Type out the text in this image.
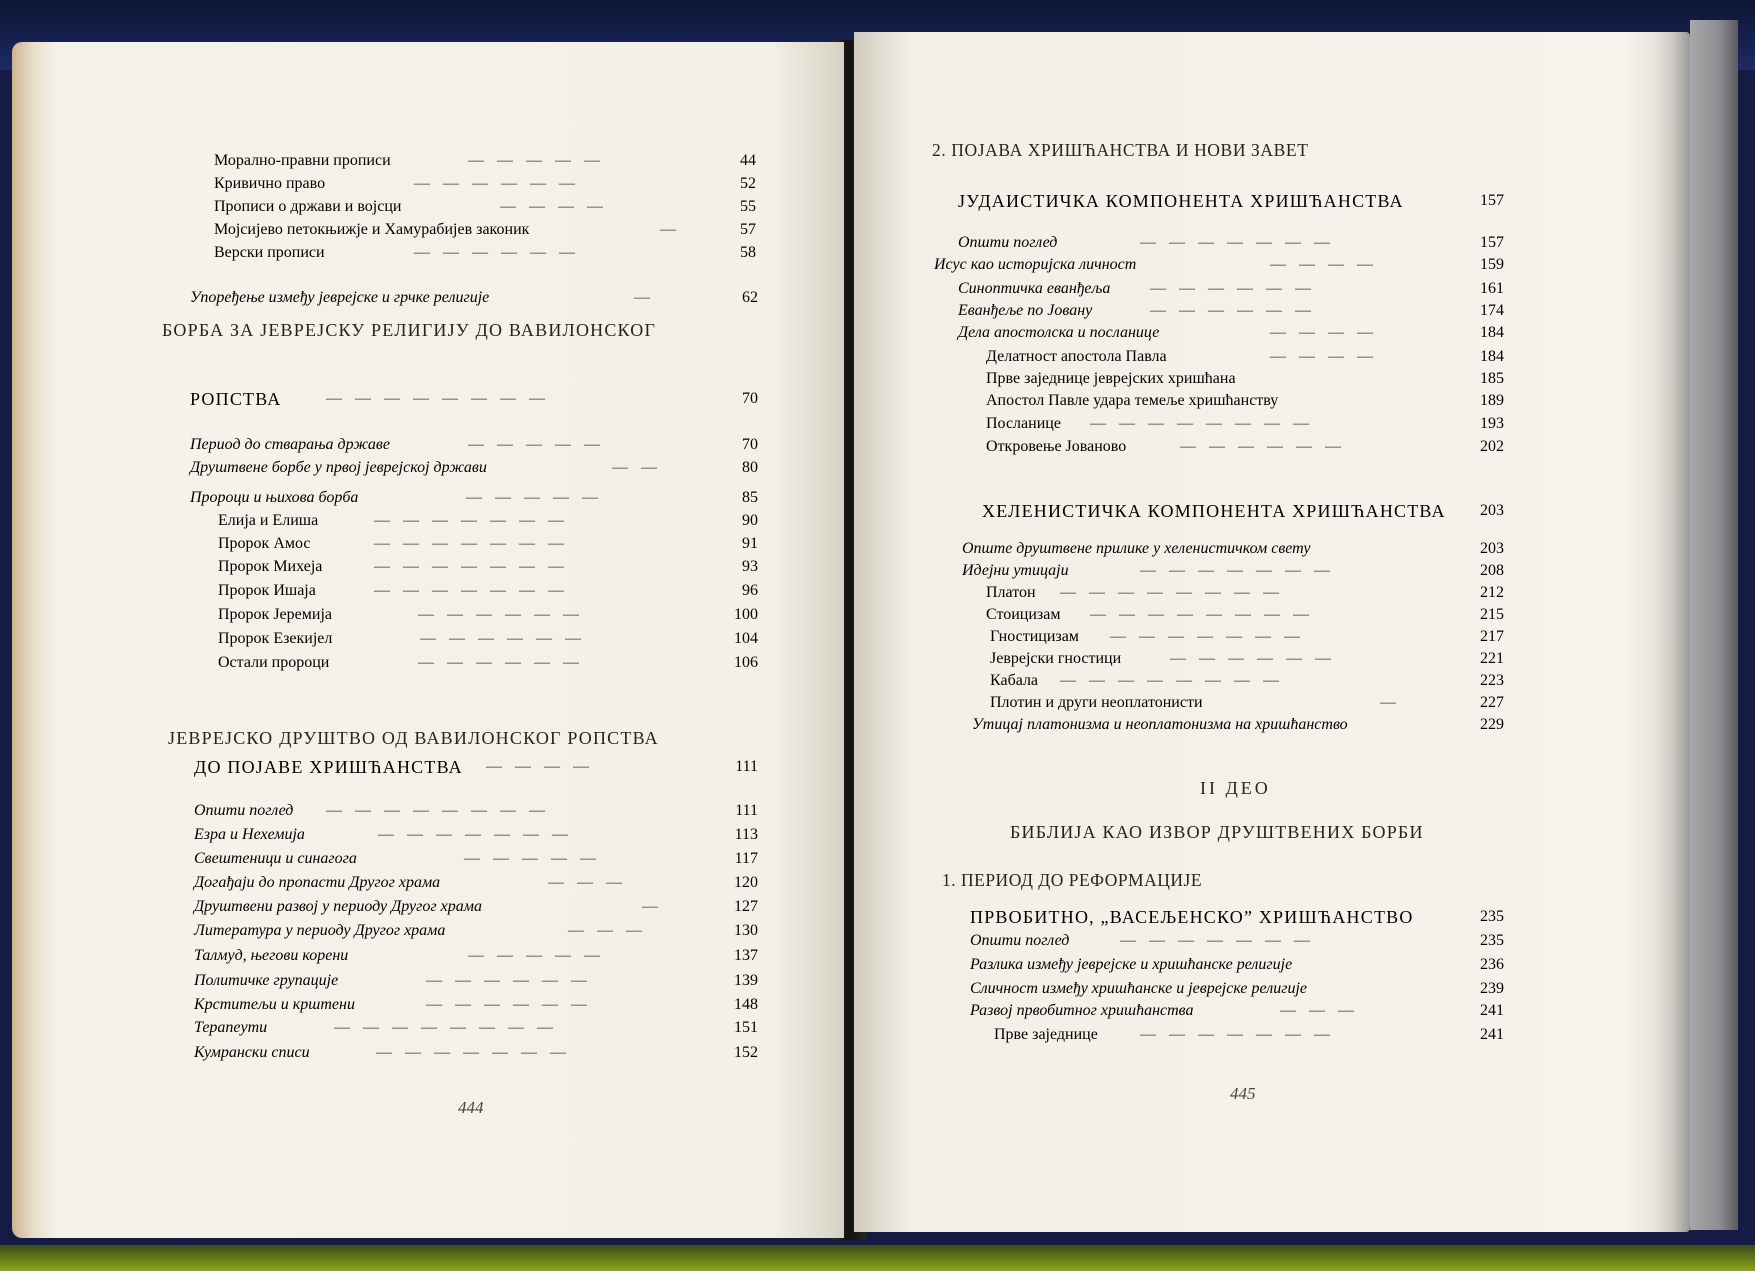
БОРБА ЗА ЈЕВРЕЈСКУ РЕЛИГИЈУ ДО ВАВИЛОНСКОГ
ЈЕВРЕЈСКО ДРУШТВО ОД ВАВИЛОНСКОГ РОПСТВА
444
2. ПОЈАВА ХРИШЋАНСТВА И НОВИ ЗАВЕТ
II ДЕО
БИБЛИЈА КАО ИЗВОР ДРУШТВЕНИХ БОРБИ
1. ПЕРИОД ДО РЕФОРМАЦИЈЕ
445
Морално-правни прописи	—————	44
Кривично право	——————	52
Прописи о држави и војсци	————	55
Мојсијево петокњижје и Хамурабијев законик	—	57
Верски прописи	——————	58
Упоређење између јеврејске и грчке религије	—	62
РОПСТВА	————————	70
Период до стварања државе	—————	70
Друштвене борбе у првој јеврејској држави	——	80
Пророци и њихова борба	—————	85
Елија и Елиша	———————	90
Пророк Амос	———————	91
Пророк Михеја	———————	93
Пророк Ишаја	———————	96
Пророк Јеремија	——————	100
Пророк Езекијел	——————	104
Остали пророци	——————	106
ДО ПОЈАВЕ ХРИШЋАНСТВА ————	111
Општи поглед ————————	111
Езра и Нехемија	———————	113
Свештеници и синагога	—————	117
Догађаји до пропасти Другог храма	———	120
Друштвени развој у периоду Другог храма	—	127
Литература у периоду Другог храма	———	130
Талмуд, његови корени	—————	137
Политичке групације	——————	139
Крститељи и крштени	——————	148
Терапеути	————————	151
Кумрански списи	———————	152
ЈУДАИСТИЧКА КОМПОНЕНТА ХРИШЋАНСТВА	157
Општи поглед	———————	157
Исус као историјска личност	————	159
Синоптичка еванђеља ——————	161
Еванђеље по Јовану	——————	174
Дела апостолска и посланице	————	184
Делатност апостола Павла	————	184
Прве заједнице јеврејских хришћана	185
Апостол Павле удара темеље хришћанству	189
Посланице ————————	193
Откровење Јованово	——————	202
ХЕЛЕНИСТИЧКА КОМПОНЕНТА ХРИШЋАНСТВА	203
Опште друштвене прилике у хеленистичком свету	203
Идејни утицаји	———————	208
Платон ————————	212
Стоицизам ————————	215
Гностицизам ———————	217
Јеврејски гностици	——————	221
Кабала ————————	223
Плотин и други неоплатонисти	—	227
Утицај платонизма и неоплатонизма на хришћанство	229
ПРВОБИТНО, „ВАСЕЉЕНСКО” ХРИШЋАНСТВО	235
Општи поглед	———————	235
Разлика између јеврејске и хришћанске религије	236
Сличност између хришћанске и јеврејске религије	239
Развој првобитног хришћанства	———	241
Прве заједнице	———————	241
